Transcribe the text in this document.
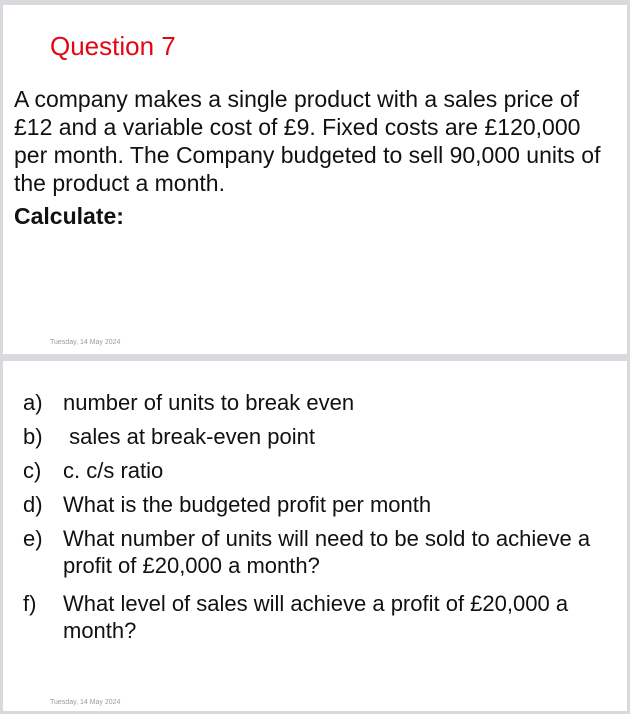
Question 7
A company makes a single product with a sales price of £12 and a variable cost of £9. Fixed costs are £120,000 per month. The Company budgeted to sell 90,000 units of the product a month.
Calculate:
Tuesday, 14 May 2024
a) number of units to break even
b) sales at break-even point
c) c. c/s ratio
d) What is the budgeted profit per month
e) What number of units will need to be sold to achieve a profit of £20,000 a month?
f)	What level of sales will achieve a profit of £20,000 a month?
Tuesday, 14 May 2024
